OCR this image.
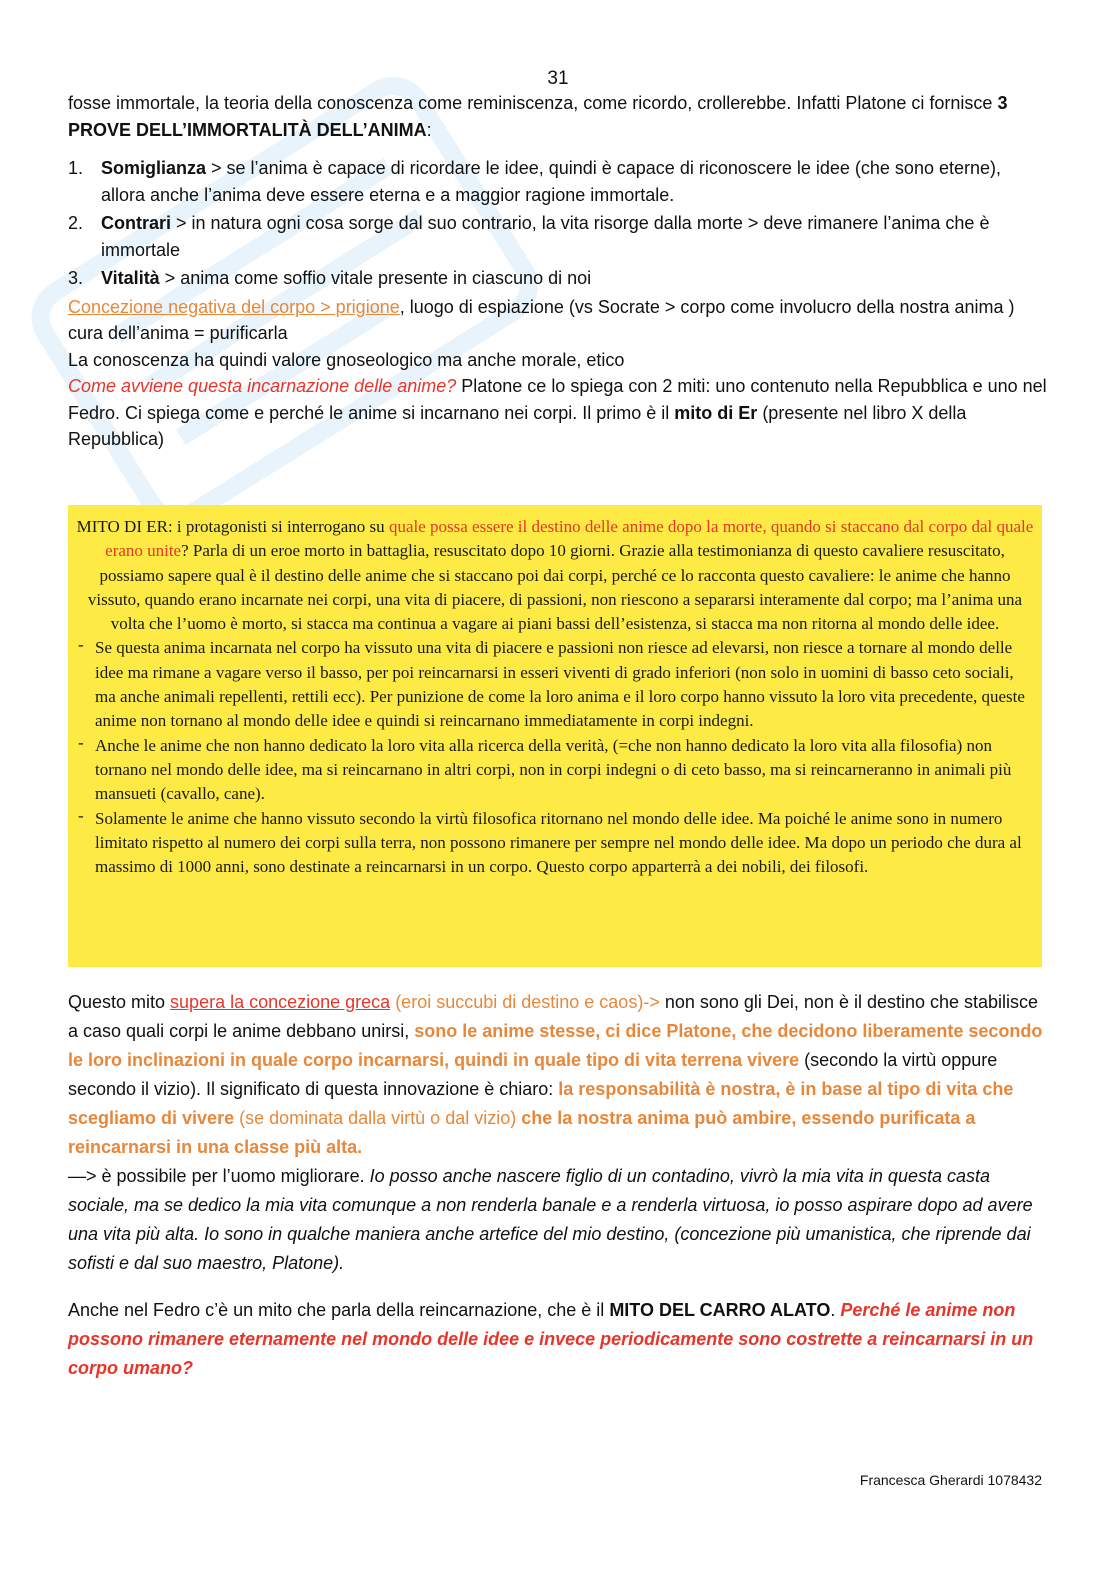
31

fosse immortale, la teoria della conoscenza come reminiscenza, come ricordo, crollerebbe. Infatti Platone ci fornisce 3 PROVE DELL’IMMORTALITÀ DELL’ANIMA:

1. Somiglianza > se l’anima è capace di ricordare le idee, quindi è capace di riconoscere le idee (che sono eterne), allora anche l’anima deve essere eterna e a maggior ragione immortale.
2. Contrari > in natura ogni cosa sorge dal suo contrario, la vita risorge dalla morte > deve rimanere l’anima che è immortale
3. Vitalità > anima come soffio vitale presente in ciascuno di noi

Concezione negativa del corpo > prigione, luogo di espiazione (vs Socrate > corpo come involucro della nostra anima )

cura dell’anima = purificarla

La conoscenza ha quindi valore gnoseologico ma anche morale, etico

Come avviene questa incarnazione delle anime? Platone ce lo spiega con 2 miti: uno contenuto nella Repubblica e uno nel Fedro. Ci spiega come e perché le anime si incarnano nei corpi. Il primo è il mito di Er (presente nel libro X della Repubblica)

MITO DI ER: i protagonisti si interrogano su quale possa essere il destino delle anime dopo la morte, quando si staccano dal corpo dal quale erano unite? Parla di un eroe morto in battaglia, resuscitato dopo 10 giorni. Grazie alla testimonianza di questo cavaliere resuscitato, possiamo sapere qual è il destino delle anime che si staccano poi dai corpi, perché ce lo racconta questo cavaliere: le anime che hanno vissuto, quando erano incarnate nei corpi, una vita di piacere, di passioni, non riescono a separarsi interamente dal corpo; ma l’anima una volta che l’uomo è morto, si stacca ma continua a vagare ai piani bassi dell’esistenza, si stacca ma non ritorna al mondo delle idee.

- Se questa anima incarnata nel corpo ha vissuto una vita di piacere e passioni non riesce ad elevarsi, non riesce a tornare al mondo delle idee ma rimane a vagare verso il basso, per poi reincarnarsi in esseri viventi di grado inferiori (non solo in uomini di basso ceto sociali, ma anche animali repellenti, rettili ecc). Per punizione de come la loro anima e il loro corpo hanno vissuto la loro vita precedente, queste anime non tornano al mondo delle idee e quindi si reincarnano immediatamente in corpi indegni.
- Anche le anime che non hanno dedicato la loro vita alla ricerca della verità, (=che non hanno dedicato la loro vita alla filosofia) non tornano nel mondo delle idee, ma si reincarnano in altri corpi, non in corpi indegni o di ceto basso, ma si reincarneranno in animali più mansueti (cavallo, cane).
- Solamente le anime che hanno vissuto secondo la virtù filosofica ritornano nel mondo delle idee. Ma poiché le anime sono in numero limitato rispetto al numero dei corpi sulla terra, non possono rimanere per sempre nel mondo delle idee. Ma dopo un periodo che dura al massimo di 1000 anni, sono destinate a reincarnarsi in un corpo. Questo corpo apparterrà a dei nobili, dei filosofi.

Questo mito supera la concezione greca (eroi succubi di destino e caos)-> non sono gli Dei, non è il destino che stabilisce a caso quali corpi le anime debbano unirsi, sono le anime stesse, ci dice Platone, che decidono liberamente secondo le loro inclinazioni in quale corpo incarnarsi, quindi in quale tipo di vita terrena vivere (secondo la virtù oppure secondo il vizio). Il significato di questa innovazione è chiaro: la responsabilità è nostra, è in base al tipo di vita che scegliamo di vivere (se dominata dalla virtù o dal vizio) che la nostra anima può ambire, essendo purificata a reincarnarsi in una classe più alta.
—> è possibile per l’uomo migliorare. Io posso anche nascere figlio di un contadino, vivrò la mia vita in questa casta sociale, ma se dedico la mia vita comunque a non renderla banale e a renderla virtuosa, io posso aspirare dopo ad avere una vita più alta. Io sono in qualche maniera anche artefice del mio destino, (concezione più umanistica, che riprende dai sofisti e dal suo maestro, Platone).

Anche nel Fedro c’è un mito che parla della reincarnazione, che è il MITO DEL CARRO ALATO. Perché le anime non possono rimanere eternamente nel mondo delle idee e invece periodicamente sono costrette a reincarnarsi in un corpo umano?

Francesca Gherardi 1078432
